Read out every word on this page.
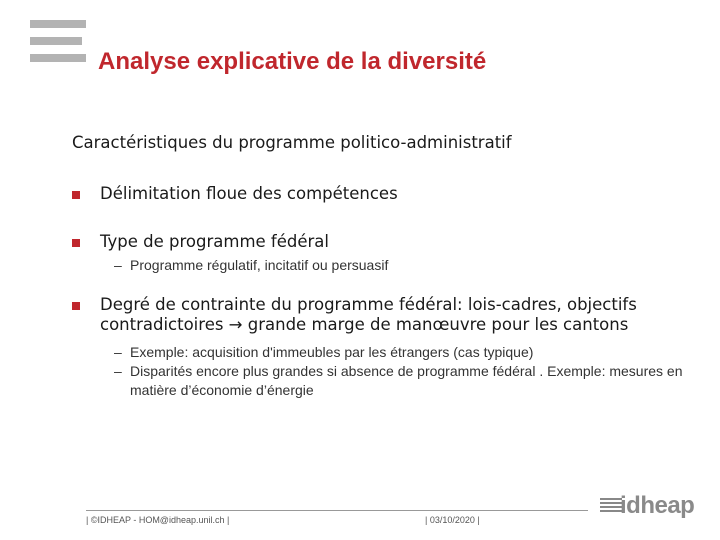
Analyse explicative de la diversité
Caractéristiques du programme politico-administratif
Délimitation floue des compétences
Type de programme fédéral
– Programme régulatif, incitatif ou persuasif
Degré de contrainte du programme fédéral: lois-cadres, objectifs contradictoires → grande marge de manœuvre pour les cantons
– Exemple: acquisition d'immeubles par les étrangers (cas typique)
– Disparités encore plus grandes si absence de programme fédéral . Exemple: mesures en matière d’économie d’énergie
| ©IDHEAP - HOM@idheap.unil.ch |	| 03/10/2020 |
idheap
